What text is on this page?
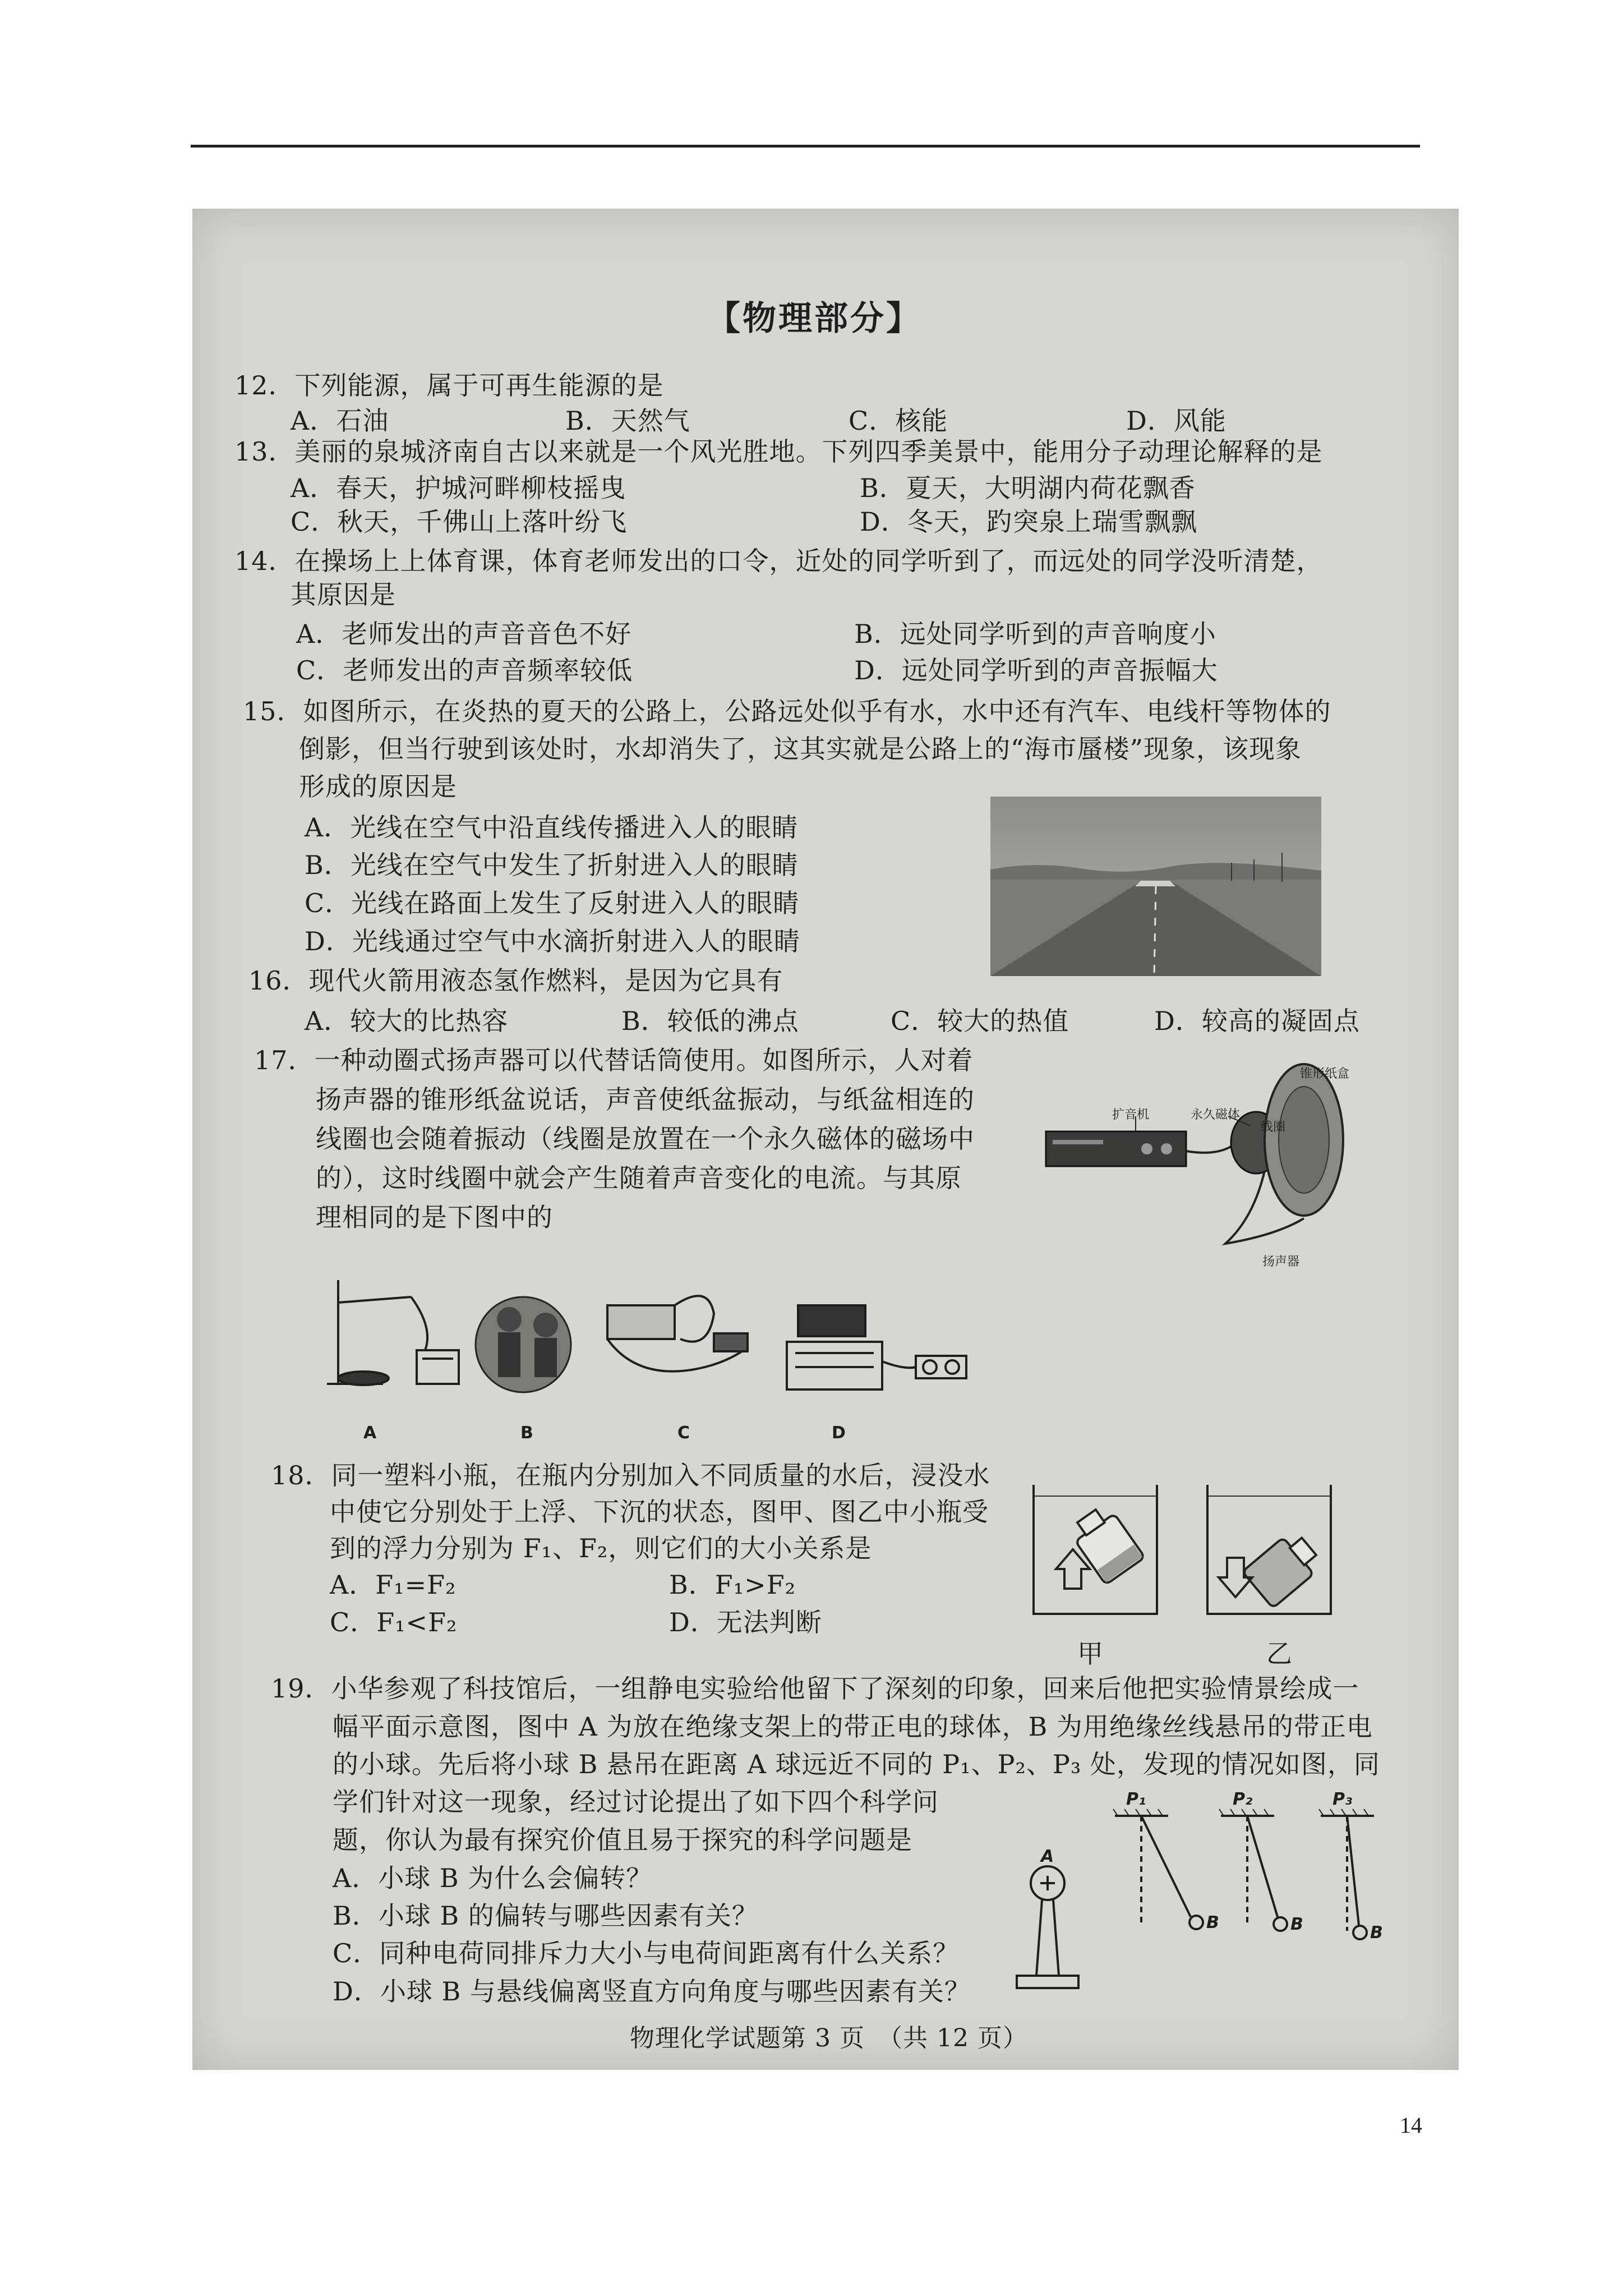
【物理部分】
12．下列能源，属于可再生能源的是
A．石油	B．天然气	C．核能	D．风能
13．美丽的泉城济南自古以来就是一个风光胜地。下列四季美景中，能用分子动理论解释的是
A．春天，护城河畔柳枝摇曳	B．夏天，大明湖内荷花飘香
C．秋天，千佛山上落叶纷飞	D．冬天，趵突泉上瑞雪飘飘
14．在操场上上体育课，体育老师发出的口令，近处的同学听到了，而远处的同学没听清楚，
其原因是
A．老师发出的声音音色不好	B．远处同学听到的声音响度小
C．老师发出的声音频率较低	D．远处同学听到的声音振幅大
15．如图所示，在炎热的夏天的公路上，公路远处似乎有水，水中还有汽车、电线杆等物体的
倒影，但当行驶到该处时，水却消失了，这其实就是公路上的“海市蜃楼”现象，该现象
形成的原因是
A．光线在空气中沿直线传播进入人的眼睛
B．光线在空气中发生了折射进入人的眼睛
C．光线在路面上发生了反射进入人的眼睛
D．光线通过空气中水滴折射进入人的眼睛
16．现代火箭用液态氢作燃料，是因为它具有
A．较大的比热容	B．较低的沸点	C．较大的热值	D．较高的凝固点
17．一种动圈式扬声器可以代替话筒使用。如图所示，人对着
扬声器的锥形纸盆说话，声音使纸盆振动，与纸盆相连的
线圈也会随着振动（线圈是放置在一个永久磁体的磁场中
的），这时线圈中就会产生随着声音变化的电流。与其原
理相同的是下图中的
扩音机	永久磁体
线圈
锥形纸盒
扬声器
A	B	C	D
18．同一塑料小瓶，在瓶内分别加入不同质量的水后，浸没水
中使它分别处于上浮、下沉的状态，图甲、图乙中小瓶受
到的浮力分别为 F₁、F₂，则它们的大小关系是
A．F₁=F₂	B．F₁>F₂
C．F₁<F₂	D．无法判断
甲	乙
19．小华参观了科技馆后，一组静电实验给他留下了深刻的印象，回来后他把实验情景绘成一
幅平面示意图，图中 A 为放在绝缘支架上的带正电的球体，B 为用绝缘丝线悬吊的带正电
的小球。先后将小球 B 悬吊在距离 A 球远近不同的 P₁、P₂、P₃ 处，发现的情况如图，同
学们针对这一现象，经过讨论提出了如下四个科学问
题，你认为最有探究价值且易于探究的科学问题是
A．小球 B 为什么会偏转？
B．小球 B 的偏转与哪些因素有关？
C．同种电荷同排斥力大小与电荷间距离有什么关系？
D．小球 B 与悬线偏离竖直方向角度与哪些因素有关？
A
B	B	B
P₁	P₂	P₃
物理化学试题第 3 页　（共 12 页）
14
